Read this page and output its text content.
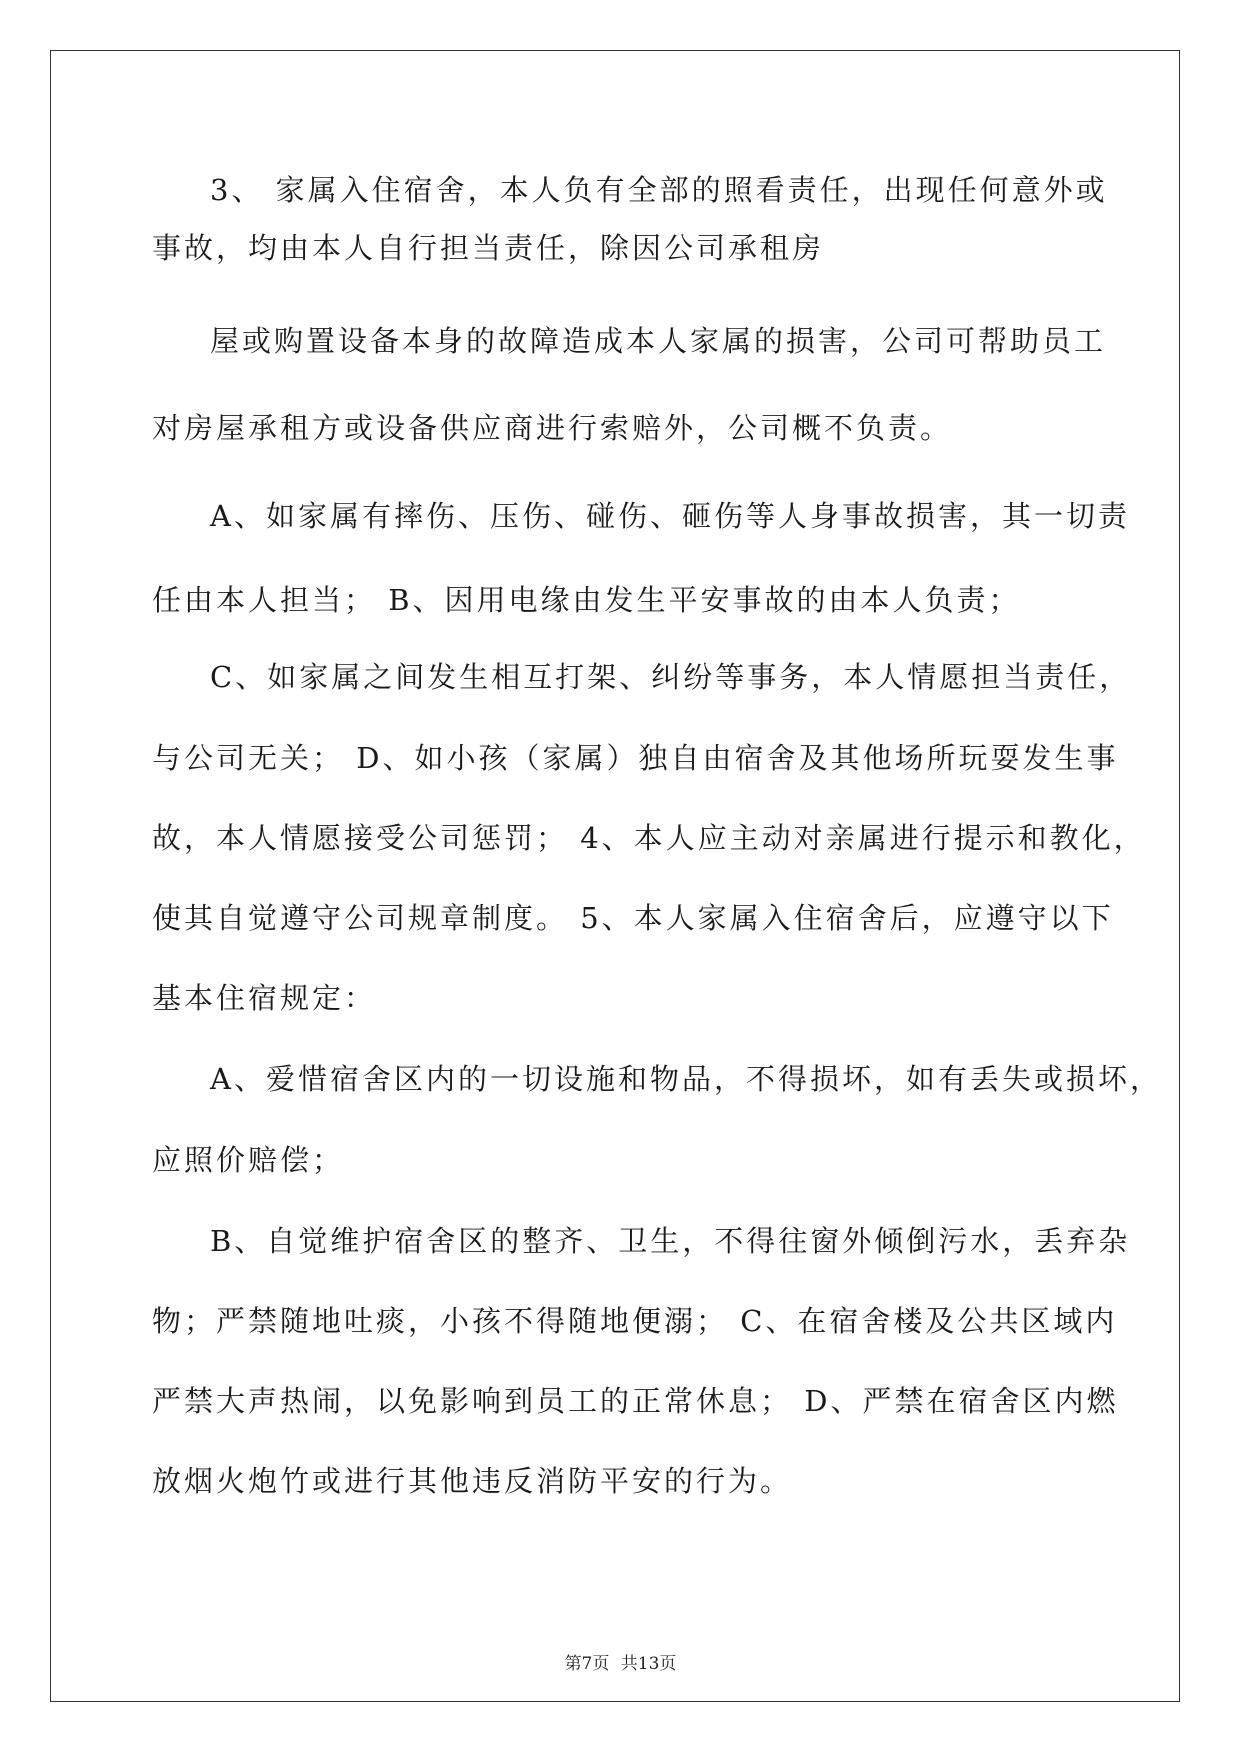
3、 家属入住宿舍，本人负有全部的照看责任，出现任何意外或
事故，均由本人自行担当责任，除因公司承租房
屋或购置设备本身的故障造成本人家属的损害，公司可帮助员工
对房屋承租方或设备供应商进行索赔外，公司概不负责。
A、如家属有摔伤、压伤、碰伤、砸伤等人身事故损害，其一切责
任由本人担当； B、因用电缘由发生平安事故的由本人负责；
C、如家属之间发生相互打架、纠纷等事务，本人情愿担当责任，
与公司无关； D、如小孩（家属）独自由宿舍及其他场所玩耍发生事
故，本人情愿接受公司惩罚； 4、本人应主动对亲属进行提示和教化，
使其自觉遵守公司规章制度。 5、本人家属入住宿舍后，应遵守以下
基本住宿规定：
A、爱惜宿舍区内的一切设施和物品，不得损坏，如有丢失或损坏，
应照价赔偿；
B、自觉维护宿舍区的整齐、卫生，不得往窗外倾倒污水，丢弃杂
物；严禁随地吐痰，小孩不得随地便溺； C、在宿舍楼及公共区域内
严禁大声热闹，以免影响到员工的正常休息； D、严禁在宿舍区内燃
放烟火炮竹或进行其他违反消防平安的行为。
第7页 共13页
